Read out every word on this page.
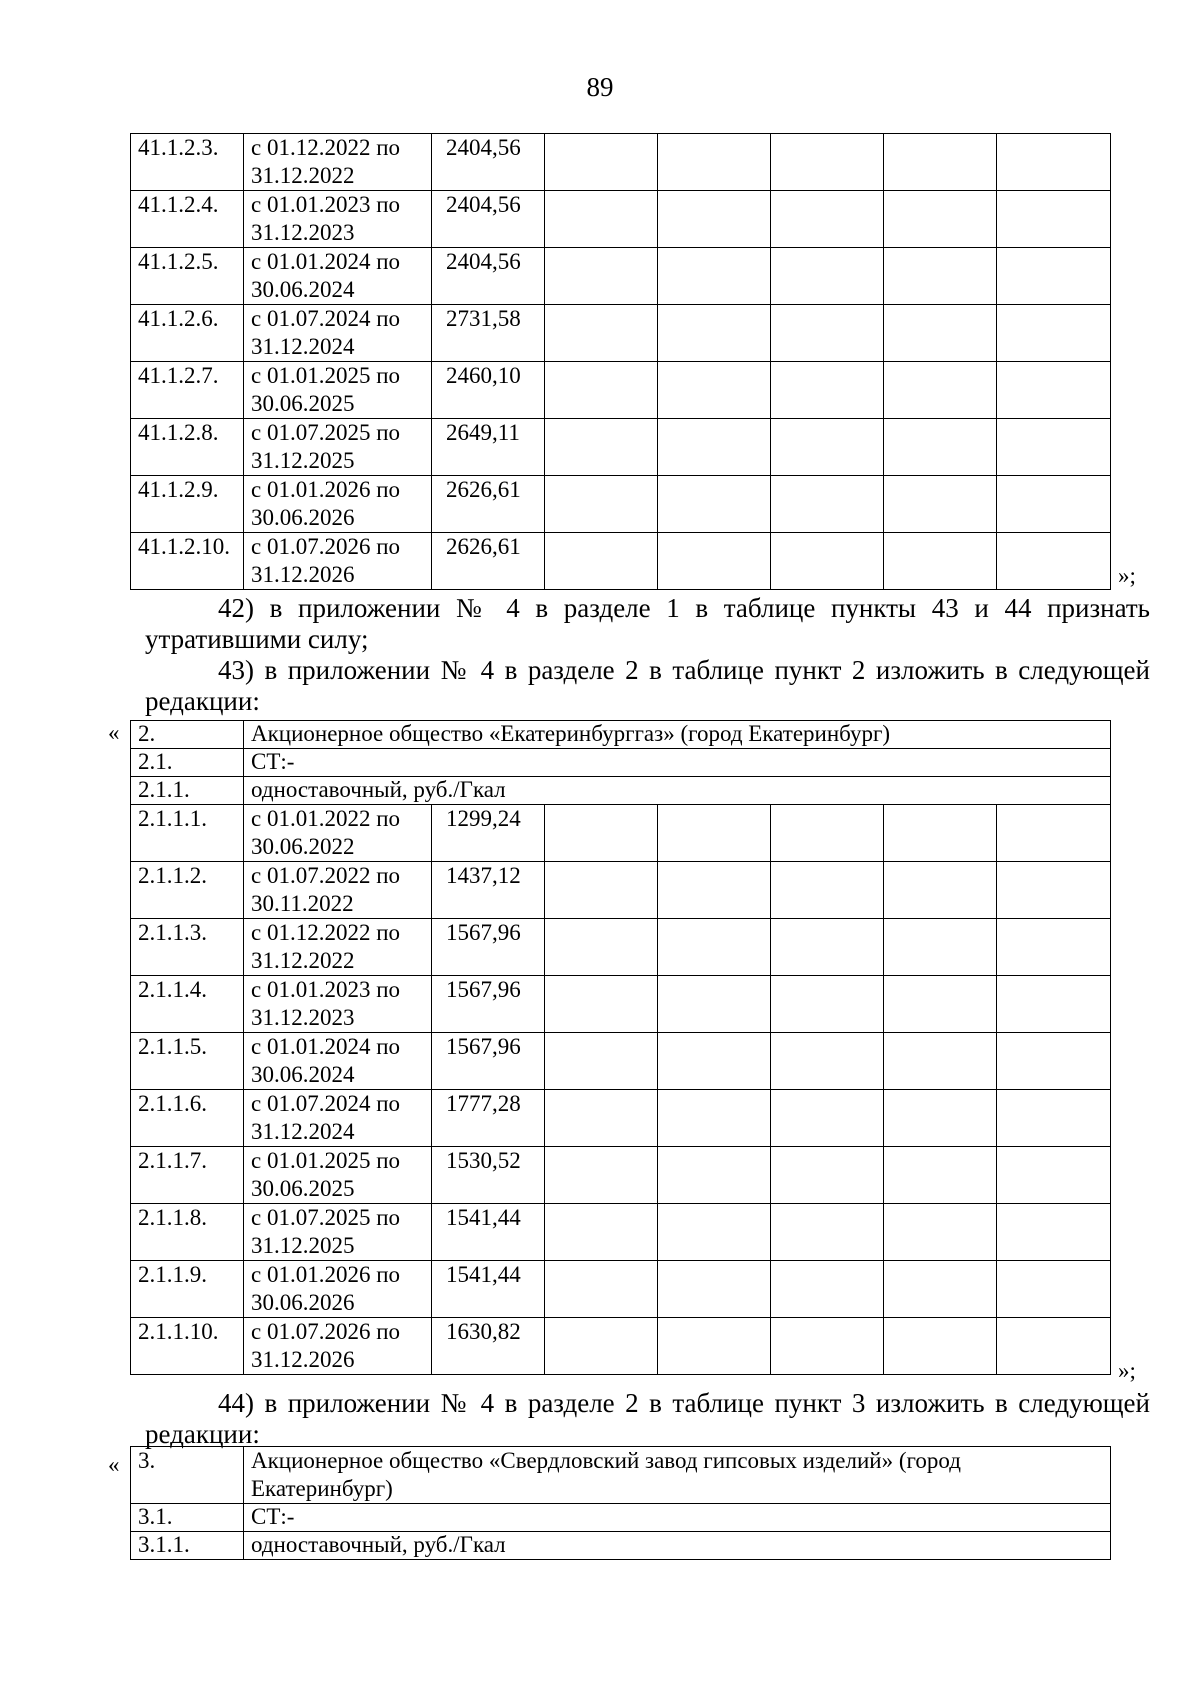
89
41.1.2.3.	с 01.12.2022 по 31.12.2022	2404,56					
41.1.2.4.	с 01.01.2023 по 31.12.2023	2404,56					
41.1.2.5.	с 01.01.2024 по 30.06.2024	2404,56					
41.1.2.6.	с 01.07.2024 по 31.12.2024	2731,58					
41.1.2.7.	с 01.01.2025 по 30.06.2025	2460,10					
41.1.2.8.	с 01.07.2025 по 31.12.2025	2649,11					
41.1.2.9.	с 01.01.2026 по 30.06.2026	2626,61					
41.1.2.10.	с 01.07.2026 по 31.12.2026	2626,61					
»;
42) в приложении № 4 в разделе 1 в таблице пункты 43 и 44 признать утратившими силу;
43) в приложении № 4 в разделе 2 в таблице пункт 2 изложить в следующей редакции:
« 2.	Акционерное общество «Екатеринбурггаз» (город Екатеринбург)						
2.1.	СТ:-						
2.1.1.	одноставочный, руб./Гкал						
2.1.1.1.	с 01.01.2022 по 30.06.2022	1299,24					
2.1.1.2.	с 01.07.2022 по 30.11.2022	1437,12					
2.1.1.3.	с 01.12.2022 по 31.12.2022	1567,96					
2.1.1.4.	с 01.01.2023 по 31.12.2023	1567,96					
2.1.1.5.	с 01.01.2024 по 30.06.2024	1567,96					
2.1.1.6.	с 01.07.2024 по 31.12.2024	1777,28					
2.1.1.7.	с 01.01.2025 по 30.06.2025	1530,52					
2.1.1.8.	с 01.07.2025 по 31.12.2025	1541,44					
2.1.1.9.	с 01.01.2026 по 30.06.2026	1541,44					
2.1.1.10.	с 01.07.2026 по 31.12.2026	1630,82					
»;
44) в приложении № 4 в разделе 2 в таблице пункт 3 изложить в следующей редакции:
« 3.	Акционерное общество «Свердловский завод гипсовых изделий» (город Екатеринбург)
3.1.	СТ:-
3.1.1.	одноставочный, руб./Гкал
